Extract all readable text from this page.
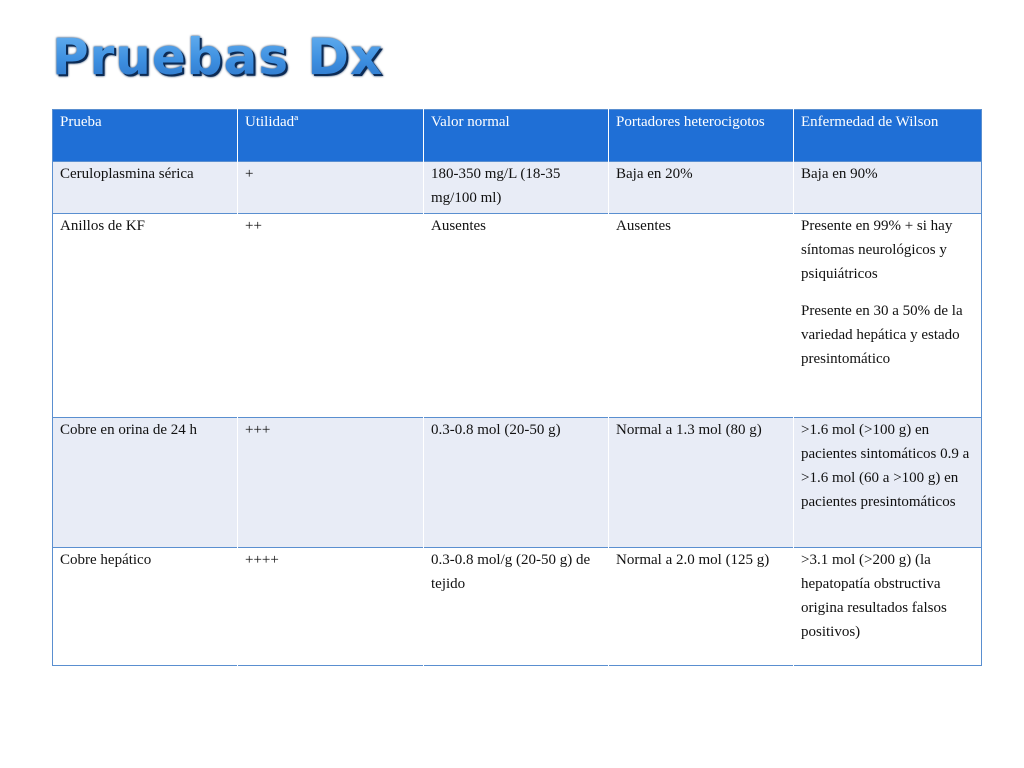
Pruebas Dx
Prueba	Utilidadª	Valor normal	Portadores heterocigotos	Enfermedad de Wilson
Ceruloplasmina sérica	+	180-350 mg/L (18-35 mg/100 ml)	Baja en 20%	Baja en 90%

Anillos de KF	++	Ausentes	Ausentes	Presente en 99% + si hay síntomas neurológicos y psiquiátricos
Presente en 30 a 50% de la variedad hepática y estado presintomático

Cobre en orina de 24 h	+++	0.3-0.8 mol (20-50 g)	Normal a 1.3 mol (80 g)	>1.6 mol (>100 g) en pacientes sintomáticos 0.9 a >1.6 mol (60 a >100 g) en pacientes presintomáticos

Cobre hepático	++++	0.3-0.8 mol/g (20-50 g) de tejido	Normal a 2.0 mol (125 g)	>3.1 mol (>200 g) (la hepatopatía obstructiva origina resultados falsos positivos)
